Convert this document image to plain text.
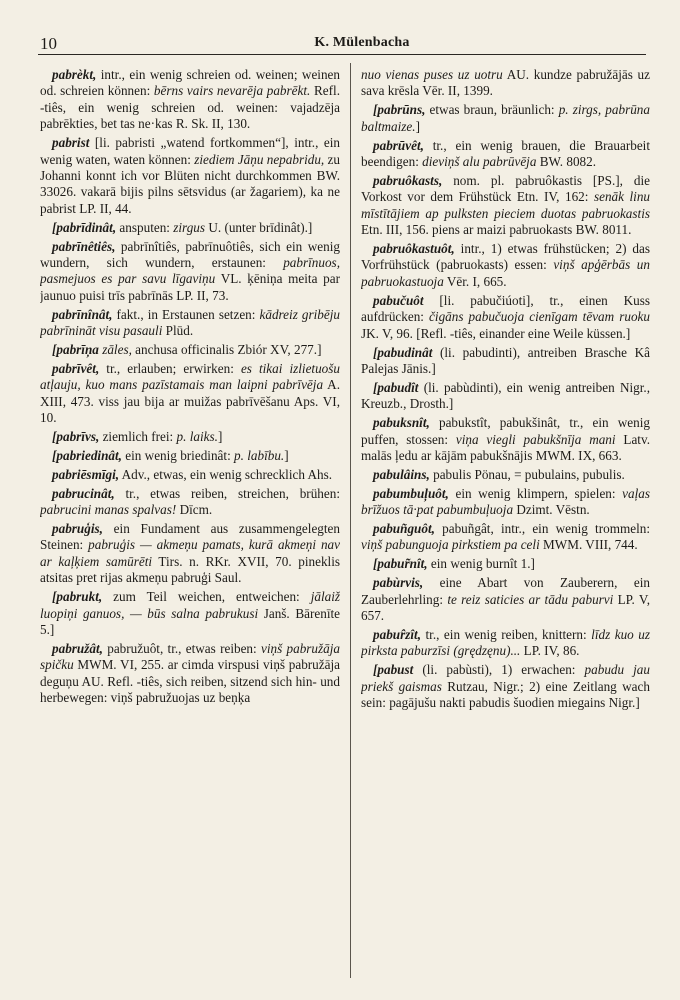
10	K. Mülenbacha

pabrèkt, intr., ein wenig schreien od. weinen; weinen od. schreien können: bērns vairs nevarēja pabrēkt. Refl. -tiês, ein wenig schreien od. weinen: vajadzēja pabrēkties, bet tas ne·kas R. Sk. II, 130.

pabrist [li. pabristi „watend fortkommen“], intr., ein wenig waten, waten können: ziediem Jāņu nepabridu, zu Johanni konnt ich vor Blüten nicht durchkommen BW. 33026. vakarā bijis pilns sētsvidus (ar žagariem), ka ne pabrist LP. II, 44.

[pabrīdinât, ansputen: zirgus U. (unter brīdinât).]

pabrīnêtiês, pabrīnîtiês, pabrīnuôtiês, sich ein wenig wundern, sich wundern, erstaunen: pabrīnuos, pasmejuos es par savu līgaviņu VL. ķēniņa meita par jaunuo puisi trīs pabrīnās LP. II, 73.

pabrīnînât, fakt., in Erstaunen setzen: kādreiz gribēju pabrīnināt visu pasauli Plūd.

[pabrīņa zāles, anchusa officinalis Zbiór XV, 277.]

pabrīvêt, tr., erlauben; erwirken: es tikai izlietuošu atļauju, kuo mans pazīstamais man laipni pabrīvēja A. XIII, 473. viss jau bija ar muižas pabrīvēšanu Aps. VI, 10.

[pabrīvs, ziemlich frei: p. laiks.]

[pabriedinât, ein wenig briedinât: p. labību.]

pabriēsmīgi, Adv., etwas, ein wenig schrecklich Ahs.

pabrucinât, tr., etwas reiben, streichen, brühen: pabrucini manas spalvas! Dīcm.

pabruģis, ein Fundament aus zusammengelegten Steinen: pabruģis — akmeņu pamats, kurā akmeņi nav ar kaļķiem samūrēti Tirs. n. RKr. XVII, 70. pineklis atsitas pret rijas akmeņu pabruģi Saul.

[pabrukt, zum Teil weichen, entweichen: jālaiž luopiņi ganuos, — būs salna pabrukusi Janš. Bārenīte 5.]

pabružât, pabružuôt, tr., etwas reiben: viņš pabružāja spičku MWM. VI, 255. ar cimda virspusi viņš pabružāja deguņu AU. Refl. -tiês, sich reiben, sitzend sich hin- und herbewegen: viņš pabružuojas uz beņķa

nuo vienas puses uz uotru AU. kundze pabružājās uz sava krēsla Vēr. II, 1399.

[pabrūns, etwas braun, bräunlich: p. zirgs, pabrūna baltmaize.]

pabrūvêt, tr., ein wenig brauen, die Brauarbeit beendigen: dieviņš alu pabrūvēja BW. 8082.

pabruôkasts, nom. pl. pabruôkastis [PS.], die Vorkost vor dem Frühstück Etn. IV, 162: senāk linu mīstītājiem ap pulksten pieciem duotas pabruokastis Etn. III, 156. piens ar maizi pabruokasts BW. 8011.

pabruôkastuôt, intr., 1) etwas frühstücken; 2) das Vorfrühstück (pabruokasts) essen: viņš apģērbās un pabruokastuoja Vēr. I, 665.

pabučuôt [li. pabučiúoti], tr., einen Kuss aufdrücken: čigāns pabučuoja cienīgam tēvam ruoku JK. V, 96. [Refl. -tiês, einander eine Weile küssen.]

[pabudinât (li. pabudinti), antreiben Brasche Kâ Palejas Jānis.]

[pabudît (li. pabùdinti), ein wenig antreiben Nigr., Kreuzb., Drosth.]

pabuksnît, pabukstît, pabukšinât, tr., ein wenig puffen, stossen: viņa viegli pabukšnīja mani Latv. malās ļedu ar kājām pabukšnājis MWM. IX, 663.

pabulâins, pabulis Pönau, = pubulains, pubulis.

pabumbuļuôt, ein wenig klimpern, spielen: vaļas brīžuos tā·pat pabumbuļuoja Dzimt. Vēstn.

pabuñguôt, pabuñgât, intr., ein wenig trommeln: viņš pabunguoja pirkstiem pa celi MWM. VIII, 744.

[pabur̃nît, ein wenig burnît 1.]

pabùrvis, eine Abart von Zauberern, ein Zauberlehrling: te reiz saticies ar tādu paburvi LP. V, 657.

pabur̂zît, tr., ein wenig reiben, knittern: līdz kuo uz pirksta paburzīsi (grędzęnu)... LP. IV, 86.

[pabust (li. pabùsti), 1) erwachen: pabudu jau priekš gaismas Rutzau, Nigr.; 2) eine Zeitlang wach sein: pagājušu nakti pabudis šuodien miegains Nigr.]
